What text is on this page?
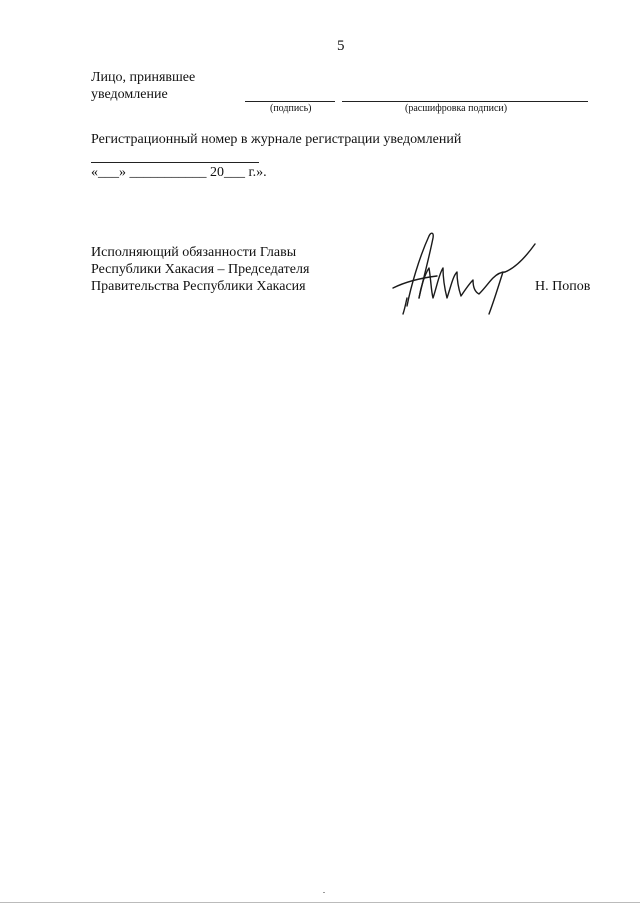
5
Лицо, принявшее
уведомление
(подпись)	(расшифровка подписи)
Регистрационный номер в журнале регистрации уведомлений
«___» ___________ 20___ г.».
Исполняющий обязанности Главы
Республики Хакасия – Председателя
Правительства Республики Хакасия	Н. Попов
